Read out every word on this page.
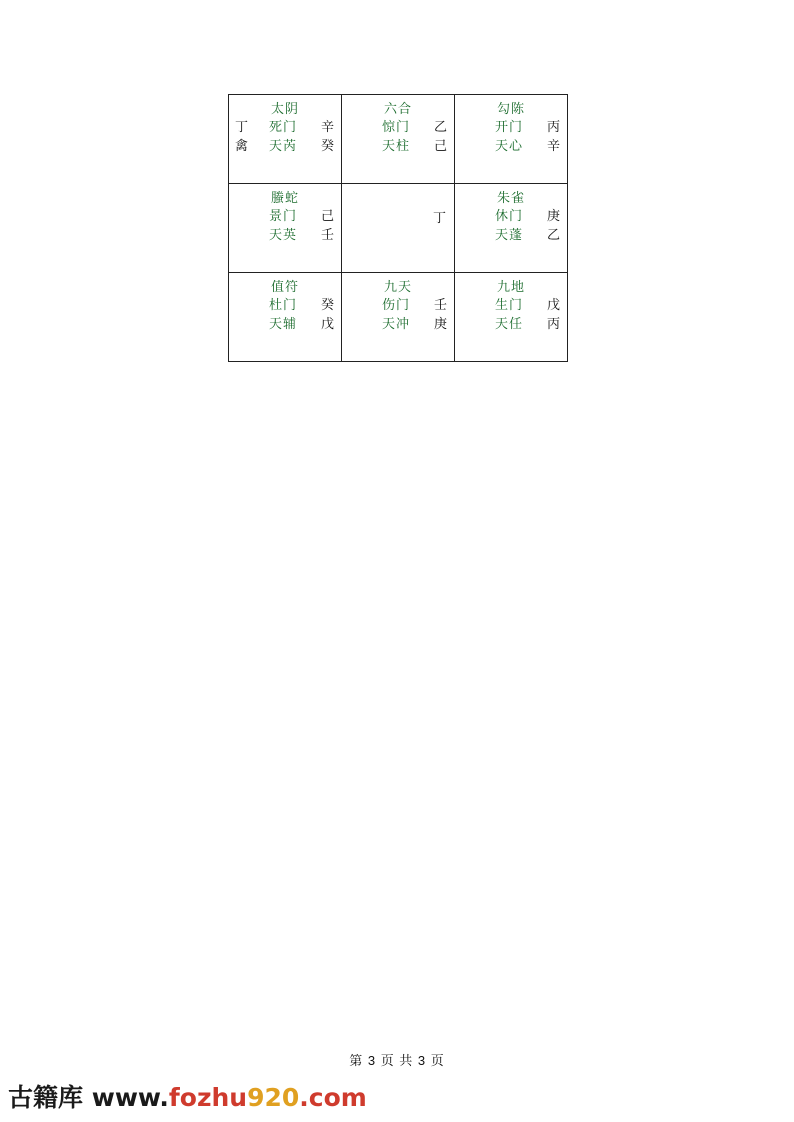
太阴
丁	死门	辛
禽	天芮	癸

六合
惊门	乙
天柱	己

勾陈
开门	丙
天心	辛

螣蛇
景门	己
天英	壬

丁

朱雀
休门	庚
天蓬	乙

值符
杜门	癸
天辅	戊

九天
伤门	壬
天冲	庚

九地
生门	戊
天任	丙
第 3 页 共 3 页
古籍库 www.fozhu920.com
